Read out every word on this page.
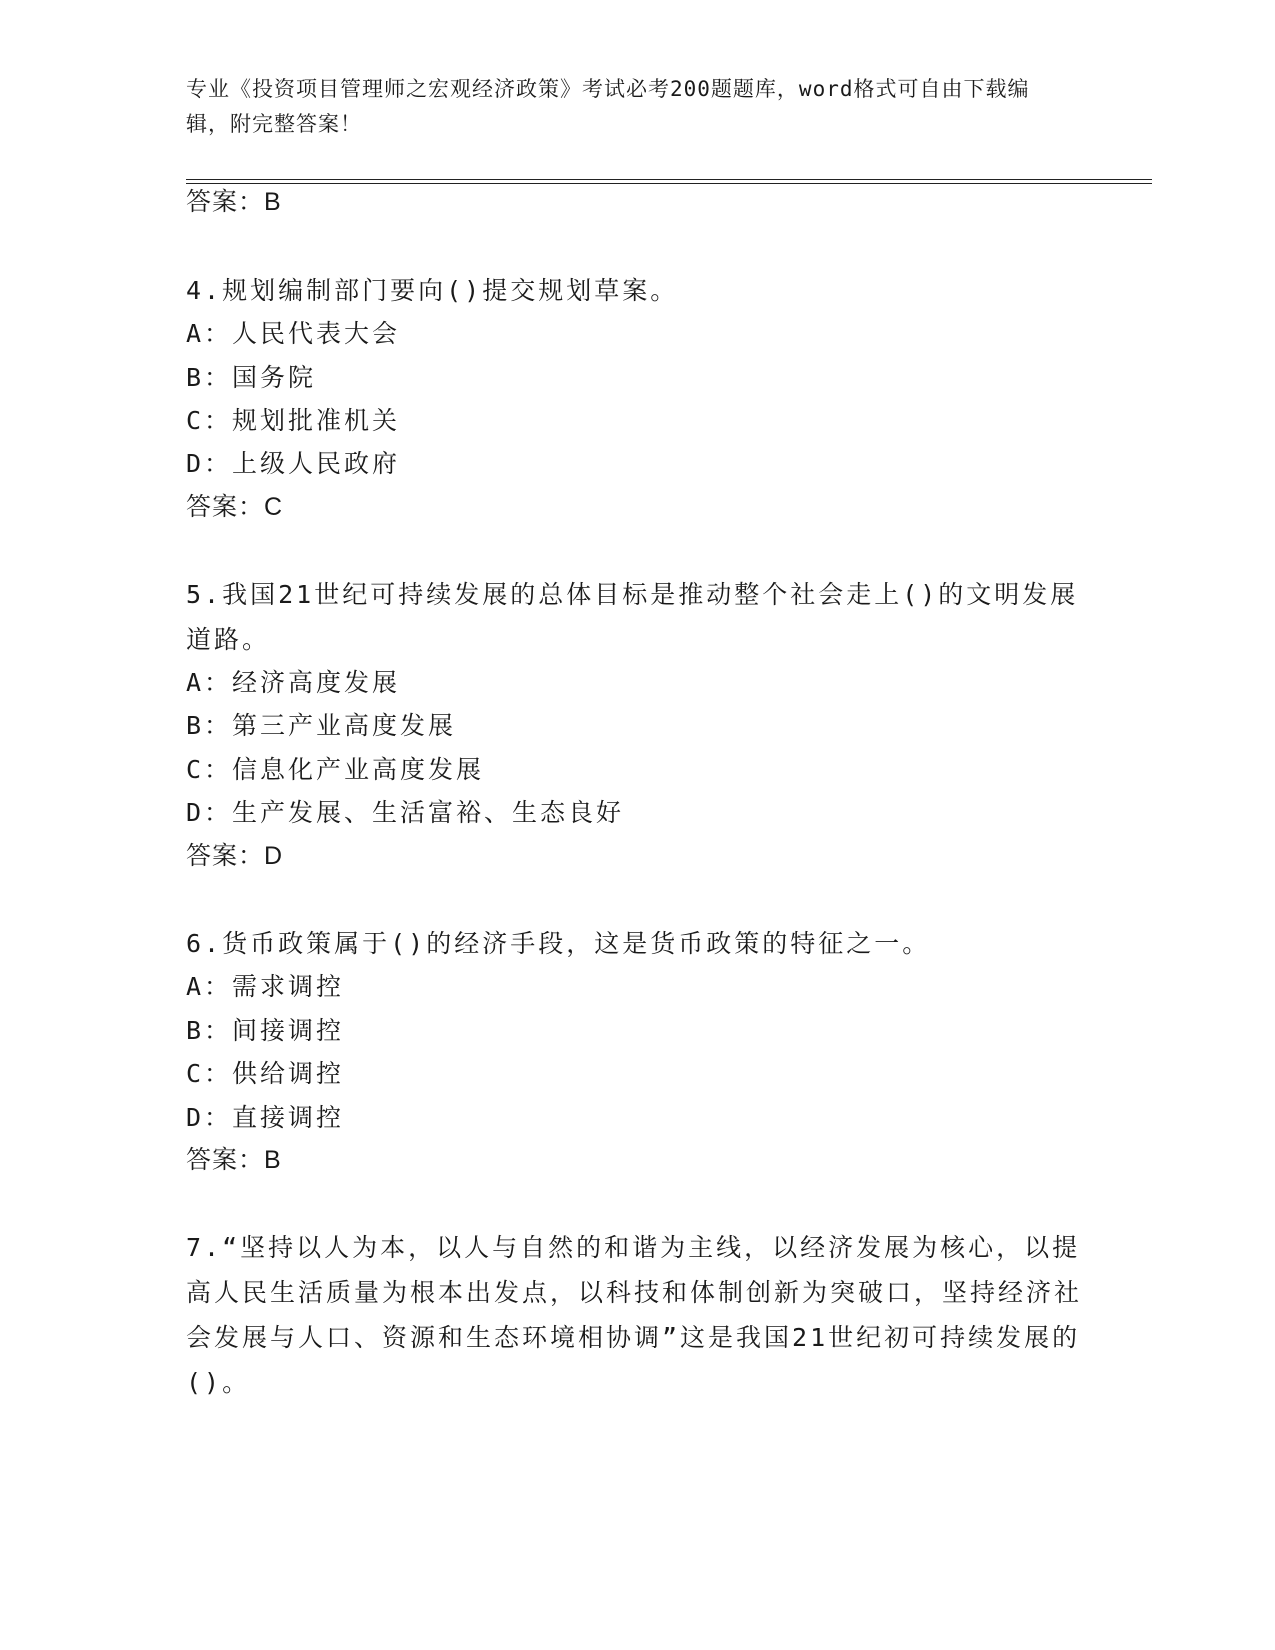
专业《投资项目管理师之宏观经济政策》考试必考200题题库，word格式可自由下载编辑，附完整答案！

答案：B

4.规划编制部门要向()提交规划草案。

A：人民代表大会

B：国务院

C：规划批准机关

D：上级人民政府

答案：C

5.我国21世纪可持续发展的总体目标是推动整个社会走上()的文明发展道路。

A：经济高度发展

B：第三产业高度发展

C：信息化产业高度发展

D：生产发展、生活富裕、生态良好

答案：D

6.货币政策属于()的经济手段，这是货币政策的特征之一。

A：需求调控

B：间接调控

C：供给调控

D：直接调控

答案：B

7.“坚持以人为本，以人与自然的和谐为主线，以经济发展为核心，以提高人民生活质量为根本出发点，以科技和体制创新为突破口，坚持经济社会发展与人口、资源和生态环境相协调”这是我国21世纪初可持续发展的()。
